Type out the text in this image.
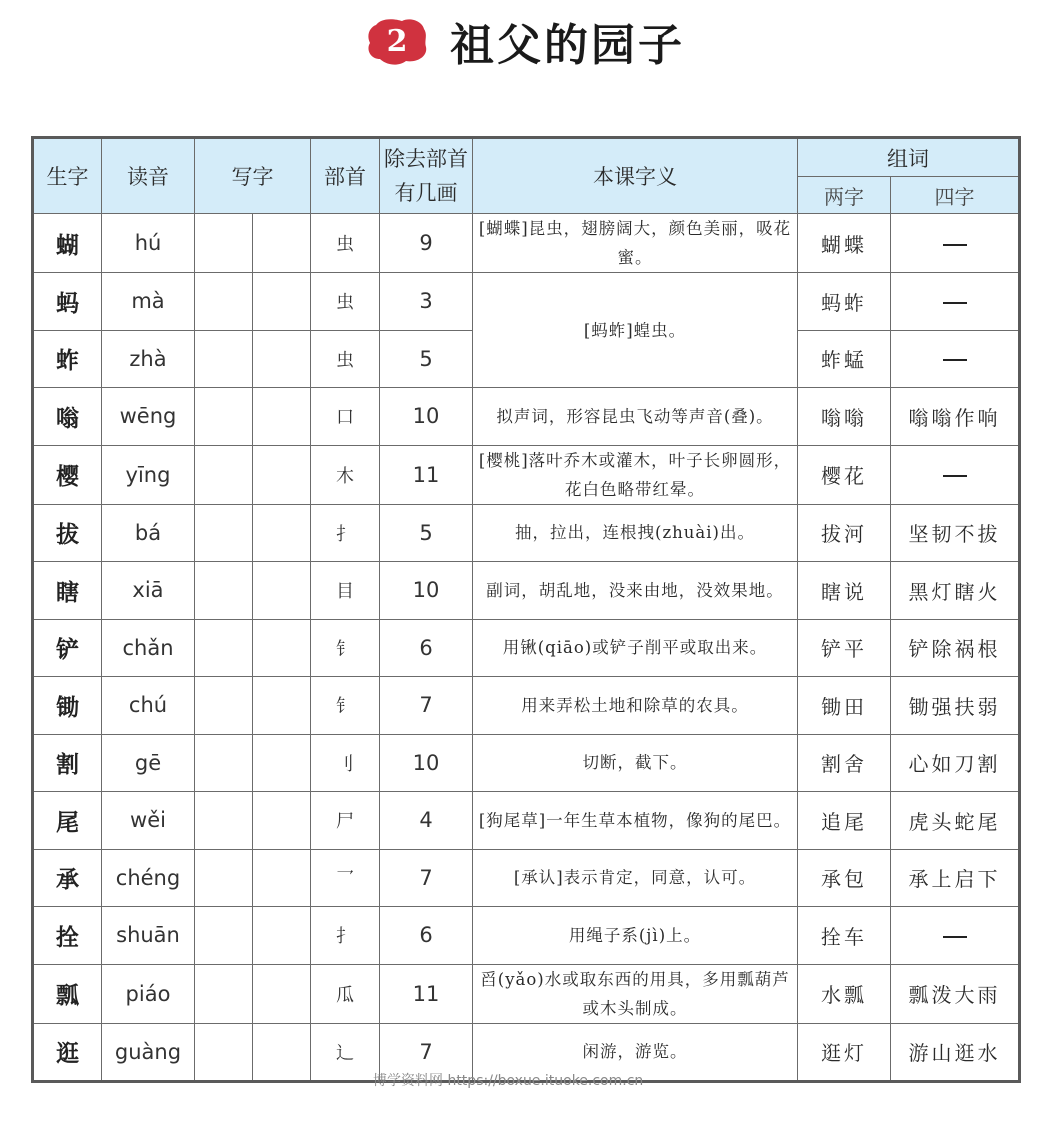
2 祖父的园子
生字	读音	写字		部首	除去部首
有几画	本课字义	组词	
							两字	四字
蝴	hú			虫	9	[蝴蝶]昆虫，翅膀阔大，颜色美丽，吸花蜜。	蝴蝶	
蚂	mà			虫	3	[蚂蚱]蝗虫。	蚂蚱	
蚱	zhà			虫	5		蚱蜢	
嗡	wēng			口	10	拟声词，形容昆虫飞动等声音(叠)。	嗡嗡	嗡嗡作响
樱	yīng			木	11	[樱桃]落叶乔木或灌木，叶子长卵圆形，花白色略带红晕。	樱花	
拔	bá			扌	5	抽，拉出，连根拽(zhuài)出。	拔河	坚韧不拔
瞎	xiā			目	10	副词，胡乱地，没来由地，没效果地。	瞎说	黑灯瞎火
铲	chǎn			钅	6	用锹(qiāo)或铲子削平或取出来。	铲平	铲除祸根
锄	chú			钅	7	用来弄松土地和除草的农具。	锄田	锄强扶弱
割	gē			刂	10	切断，截下。	割舍	心如刀割
尾	wěi			尸	4	[狗尾草]一年生草本植物，像狗的尾巴。	追尾	虎头蛇尾
承	chéng			乛	7	[承认]表示肯定，同意，认可。	承包	承上启下
拴	shuān			扌	6	用绳子系(jì)上。	拴车	
瓢	piáo			瓜	11	舀(yǎo)水或取东西的用具，多用瓢葫芦或木头制成。	水瓢	瓢泼大雨
逛	guàng			辶	7	闲游，游览。	逛灯	游山逛水
博学资料网 https://boxue.ituoke.com.cn
